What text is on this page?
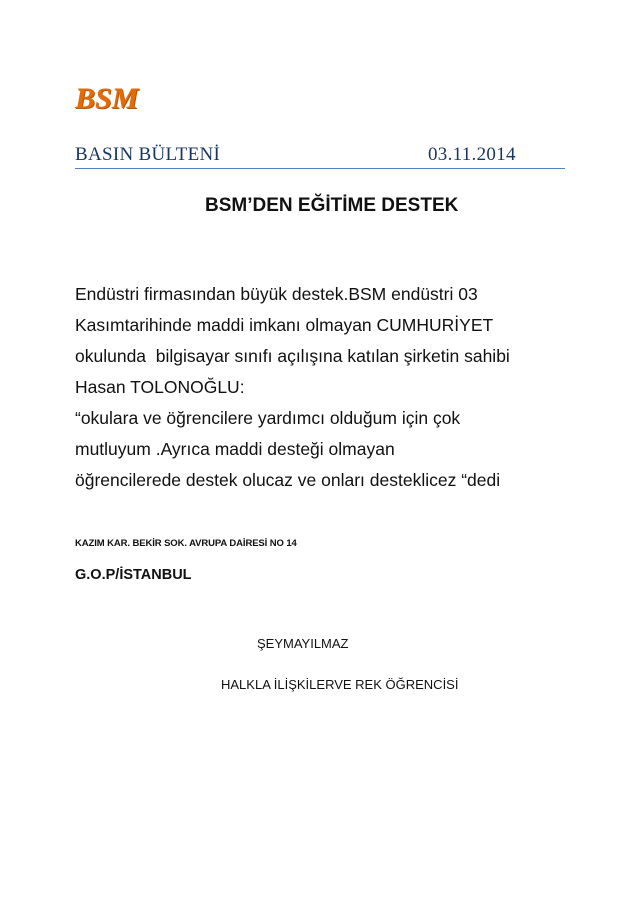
BSM
BASIN BÜLTENİ	03.11.2014
BSM’DEN EĞİTİME DESTEK
Endüstri firmasından büyük destek.BSM endüstri 03
Kasımtarihinde maddi imkanı olmayan CUMHURİYET
okulunda  bilgisayar sınıfı açılışına katılan şirketin sahibi
Hasan TOLONOĞLU:
“okulara ve öğrencilere yardımcı olduğum için çok
mutluyum .Ayrıca maddi desteği olmayan
öğrencilerede destek olucaz ve onları desteklicez “dedi
KAZIM KAR. BEKİR SOK. AVRUPA DAİRESİ NO 14
G.O.P/İSTANBUL
ŞEYMAYILMAZ
HALKLA İLİŞKİLERVE REK ÖĞRENCİSİ
